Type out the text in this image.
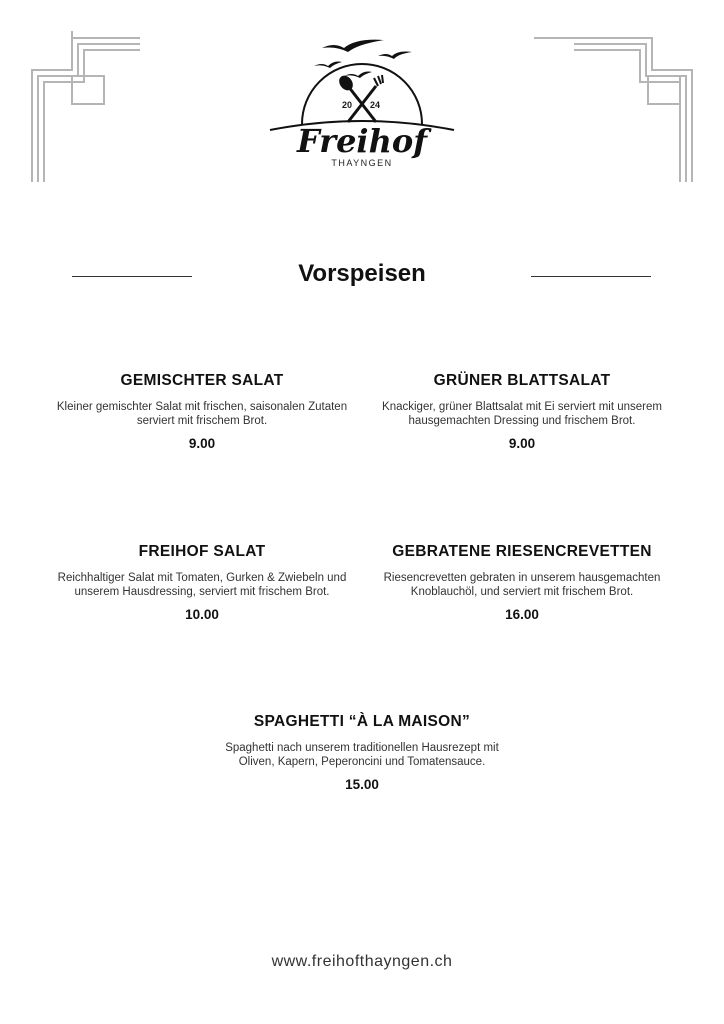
20 24
Freihof
THAYNGEN
Vorspeisen
GEMISCHTER SALAT
Kleiner gemischter Salat mit frischen, saisonalen Zutaten serviert mit frischem Brot.
9.00
GRÜNER BLATTSALAT
Knackiger, grüner Blattsalat mit Ei serviert mit unserem hausgemachten Dressing und frischem Brot.
9.00
FREIHOF SALAT
Reichhaltiger Salat mit Tomaten, Gurken & Zwiebeln und unserem Hausdressing, serviert mit frischem Brot.
10.00
GEBRATENE RIESENCREVETTEN
Riesencrevetten gebraten in unserem hausgemachten Knoblauchöl, und serviert mit frischem Brot.
16.00
SPAGHETTI “À LA MAISON”
Spaghetti nach unserem traditionellen Hausrezept mit Oliven, Kapern, Peperoncini und Tomatensauce.
15.00
www.freihofthayngen.ch
